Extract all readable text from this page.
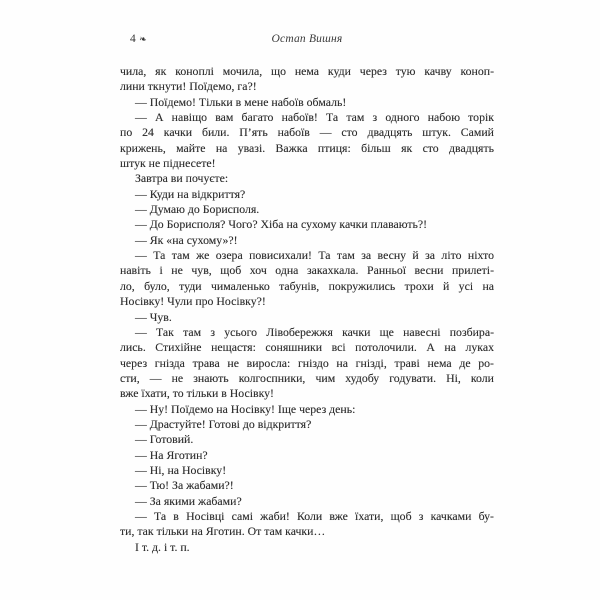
4 ❧	Остап Вишня
чила, як коноплі мочила, що нема куди через тую качву коноп-
лини ткнути! Поїдемо, га?!
— Поїдемо! Тільки в мене набоїв обмаль!
— А навіщо вам багато набоїв! Та там з одного набою торік
по 24 качки били. П’ять набоїв — сто двадцять штук. Самий
крижень, майте на увазі. Важка птиця: більш як сто двадцять
штук не піднесете!
Завтра ви почуєте:
— Куди на відкриття?
— Думаю до Борисполя.
— До Борисполя? Чого? Хіба на сухому качки плавають?!
— Як «на сухому»?!
— Та там же озера повисихали! Та там за весну й за літо ніхто
навіть і не чув, щоб хоч одна закахкала. Ранньої весни прилеті-
ло, було, туди чималенько табунів, покружились трохи й усі на
Носівку! Чули про Носівку?!
— Чув.
— Так там з усього Лівобережжя качки ще навесні позбира-
лись. Стихійне нещастя: соняшники всі потолочили. А на луках
через гнізда трава не виросла: гніздо на гнізді, траві нема де ро-
сти, — не знають колгоспники, чим худобу годувати. Ні, коли
вже їхати, то тільки в Носівку!
— Ну! Поїдемо на Носівку! Іще через день:
— Драстуйте! Готові до відкриття?
— Готовий.
— На Яготин?
— Ні, на Носівку!
— Тю! За жабами?!
— За якими жабами?
— Та в Носівці самі жаби! Коли вже їхати, щоб з качками бу-
ти, так тільки на Яготин. От там качки…
І т. д. і т. п.
